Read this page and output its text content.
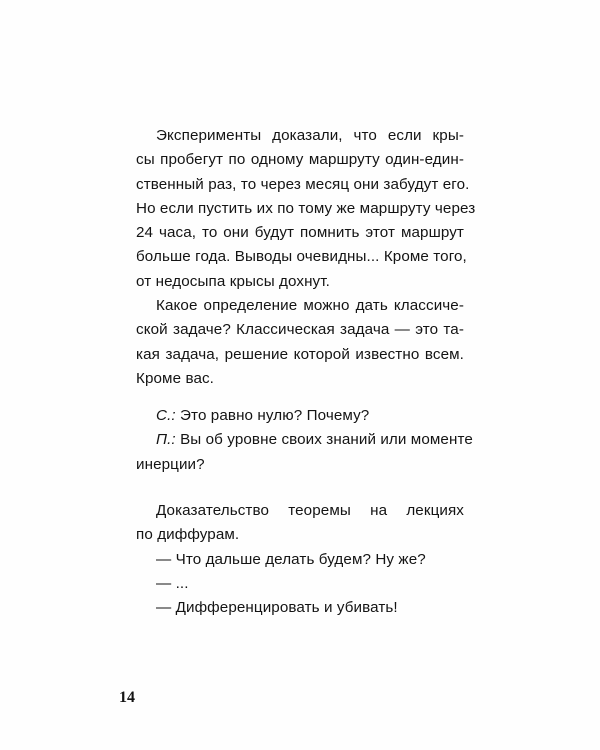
Эксперименты доказали, что если кры-
сы пробегут по одному маршруту один-един-
ственный раз, то через месяц они забудут его.
Но если пустить их по тому же маршруту через
24 часа, то они будут помнить этот маршрут
больше года. Выводы очевидны... Кроме того,
от недосыпа крысы дохнут.
Какое определение можно дать классиче-
ской задаче? Классическая задача — это та-
кая задача, решение которой известно всем.
Кроме вас.
С.: Это равно нулю? Почему?
П.: Вы об уровне своих знаний или моменте
инерции?
Доказательство теоремы на лекциях
по диффурам.
— Что дальше делать будем? Ну же?
— ...
— Дифференцировать и убивать!
14
